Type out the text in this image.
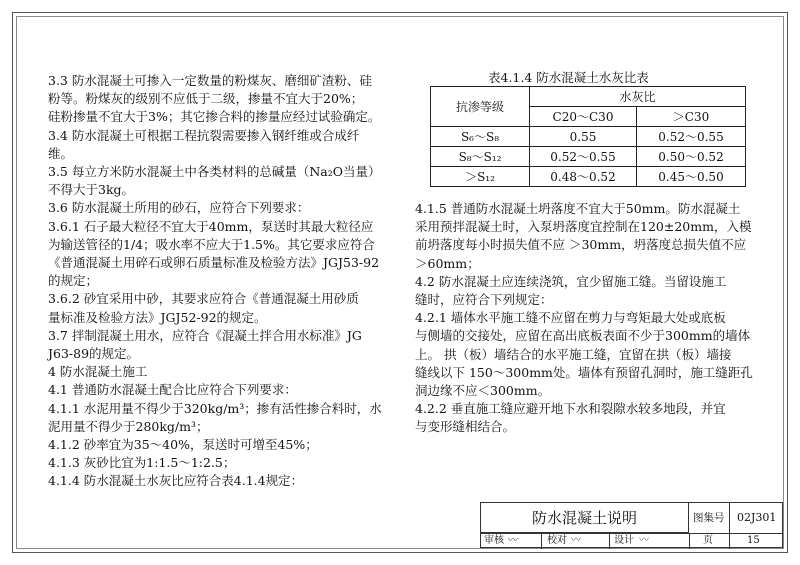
3.3 防水混凝土可掺入一定数量的粉煤灰、磨细矿渣粉、硅

粉等。粉煤灰的级别不应低于二级，掺量不宜大于20%；

硅粉掺量不宜大于3%；其它掺合料的掺量应经过试验确定。

3.4 防水混凝土可根据工程抗裂需要掺入钢纤维或合成纤

维。

3.5 每立方米防水混凝土中各类材料的总碱量（Na₂O当量）

不得大于3kg。

3.6 防水混凝土所用的砂石，应符合下列要求：

3.6.1 石子最大粒径不宜大于40mm，泵送时其最大粒径应

为输送管径的1/4；吸水率不应大于1.5%。其它要求应符合

《普通混凝土用碎石或卵石质量标准及检验方法》JGJ53-92

的规定；

3.6.2 砂宜采用中砂，其要求应符合《普通混凝土用砂质

量标准及检验方法》JGJ52-92的规定。

3.7 拌制混凝土用水，应符合《混凝土拌合用水标准》JG

J63-89的规定。

4 防水混凝土施工

4.1 普通防水混凝土配合比应符合下列要求：

4.1.1 水泥用量不得少于320kg/m³；掺有活性掺合料时，水

泥用量不得少于280kg/m³；

4.1.2 砂率宜为35～40%，泵送时可增至45%；

4.1.3 灰砂比宜为1:1.5～1:2.5；

4.1.4 防水混凝土水灰比应符合表4.1.4规定：

表4.1.4 防水混凝土水灰比表
抗渗等级	水灰比	
	C20～C30	＞C30
S₆～S₈	0.55	0.52～0.55
S₈～S₁₂	0.52～0.55	0.50～0.52
＞S₁₂	0.48～0.52	0.45～0.50

4.1.5 普通防水混凝土坍落度不宜大于50mm。防水混凝土

采用预拌混凝土时，入泵坍落度宜控制在120±20mm，入模

前坍落度每小时损失值不应 ＞30mm，坍落度总损失值不应

＞60mm；

4.2 防水混凝土应连续浇筑，宜少留施工缝。当留设施工

缝时，应符合下列规定：

4.2.1 墙体水平施工缝不应留在剪力与弯矩最大处或底板

与侧墙的交接处，应留在高出底板表面不少于300mm的墙体

上。 拱（板）墙结合的水平施工缝，宜留在拱（板）墙接

缝线以下 150～300mm处。墙体有预留孔洞时，施工缝距孔

洞边缘不应＜300mm。

4.2.2 垂直施工缝应避开地下水和裂隙水较多地段，并宜

与变形缝相结合。

防水混凝土说明	图集号 02J301
审核 〰	校对 〰	设计 〰	页	15
